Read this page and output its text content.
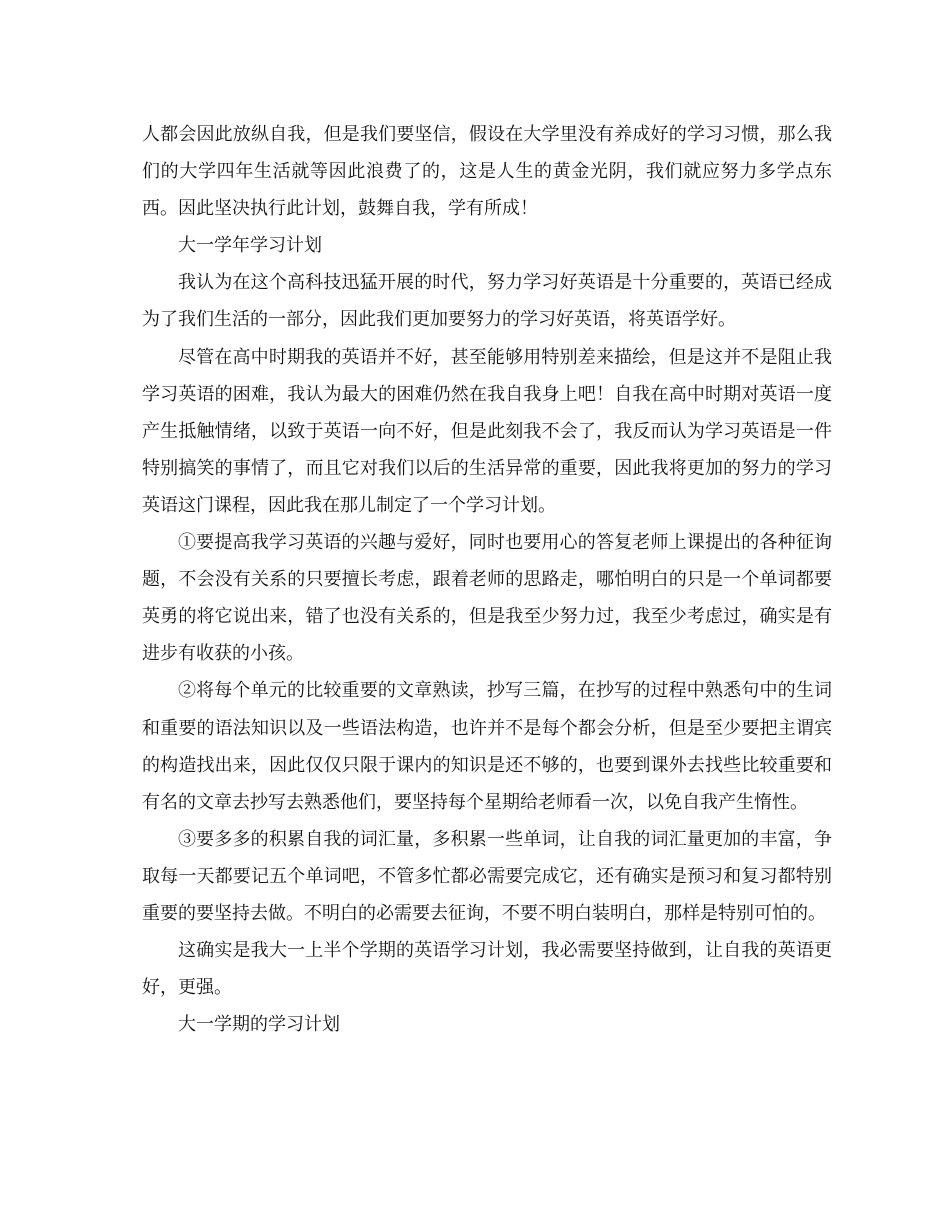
人都会因此放纵自我，但是我们要坚信，假设在大学里没有养成好的学习习惯，那么我们的大学四年生活就等因此浪费了的，这是人生的黄金光阴，我们就应努力多学点东西。因此坚决执行此计划，鼓舞自我，学有所成！

大一学年学习计划

我认为在这个高科技迅猛开展的时代，努力学习好英语是十分重要的，英语已经成为了我们生活的一部分，因此我们更加要努力的学习好英语，将英语学好。

尽管在高中时期我的英语并不好，甚至能够用特别差来描绘，但是这并不是阻止我学习英语的困难，我认为最大的困难仍然在我自我身上吧！自我在高中时期对英语一度产生抵触情绪，以致于英语一向不好，但是此刻我不会了，我反而认为学习英语是一件特别搞笑的事情了，而且它对我们以后的生活异常的重要，因此我将更加的努力的学习英语这门课程，因此我在那儿制定了一个学习计划。

①要提高我学习英语的兴趣与爱好，同时也要用心的答复老师上课提出的各种征询题，不会没有关系的只要擅长考虑，跟着老师的思路走，哪怕明白的只是一个单词都要英勇的将它说出来，错了也没有关系的，但是我至少努力过，我至少考虑过，确实是有进步有收获的小孩。

②将每个单元的比较重要的文章熟读，抄写三篇，在抄写的过程中熟悉句中的生词和重要的语法知识以及一些语法构造，也许并不是每个都会分析，但是至少要把主谓宾的构造找出来，因此仅仅只限于课内的知识是还不够的，也要到课外去找些比较重要和有名的文章去抄写去熟悉他们，要坚持每个星期给老师看一次，以免自我产生惰性。

③要多多的积累自我的词汇量，多积累一些单词，让自我的词汇量更加的丰富，争取每一天都要记五个单词吧，不管多忙都必需要完成它，还有确实是预习和复习都特别重要的要坚持去做。不明白的必需要去征询，不要不明白装明白，那样是特别可怕的。

这确实是我大一上半个学期的英语学习计划，我必需要坚持做到，让自我的英语更好，更强。

大一学期的学习计划
